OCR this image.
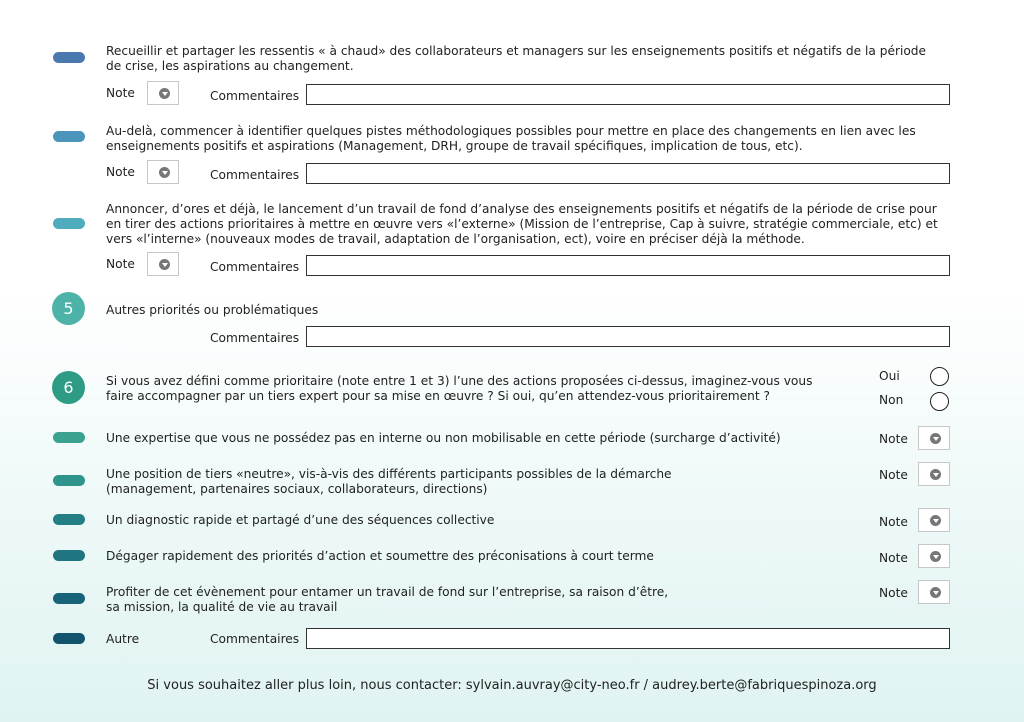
Recueillir et partager les ressentis « à chaud» des collaborateurs et managers sur les enseignements positifs et négatifs de la période
de crise, les aspirations au changement.
Note	Commentaires
Au-delà, commencer à identifier quelques pistes méthodologiques possibles pour mettre en place des changements en lien avec les
enseignements positifs et aspirations (Management, DRH, groupe de travail spécifiques, implication de tous, etc).
Note	Commentaires
Annoncer, d’ores et déjà, le lancement d’un travail de fond d’analyse des enseignements positifs et négatifs de la période de crise pour
en tirer des actions prioritaires à mettre en œuvre vers «l’externe» (Mission de l’entreprise, Cap à suivre, stratégie commerciale, etc) et
vers «l’interne» (nouveaux modes de travail, adaptation de l’organisation, ect), voire en préciser déjà la méthode.
Note	Commentaires
5	Autres priorités ou problématiques
Commentaires
6	Si vous avez défini comme prioritaire (note entre 1 et 3) l’une des actions proposées ci-dessus, imaginez-vous vous
faire accompagner par un tiers expert pour sa mise en œuvre ? Si oui, qu’en attendez-vous prioritairement ?
Oui
Non
Une expertise que vous ne possédez pas en interne ou non mobilisable en cette période (surcharge d’activité)	Note
Une position de tiers «neutre», vis-à-vis des différents participants possibles de la démarche
(management, partenaires sociaux, collaborateurs, directions)
Note
Un diagnostic rapide et partagé d’une des séquences collective	Note
Dégager rapidement des priorités d’action et soumettre des préconisations à court terme	Note
Profiter de cet évènement pour entamer un travail de fond sur l’entreprise, sa raison d’être,
sa mission, la qualité de vie au travail
Note
Autre	Commentaires
Si vous souhaitez aller plus loin, nous contacter: sylvain.auvray@city-neo.fr / audrey.berte@fabriquespinoza.org
